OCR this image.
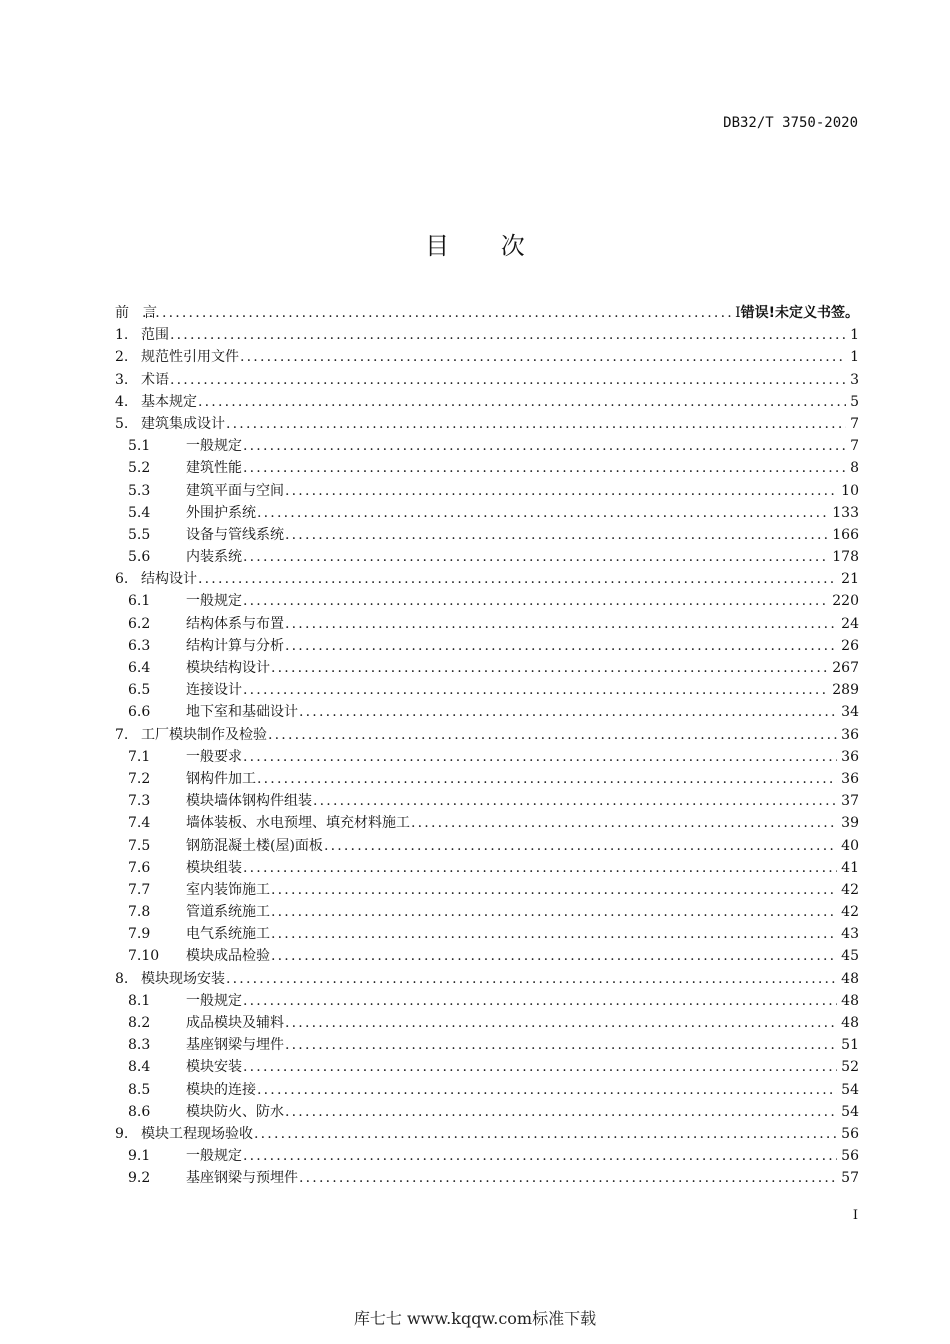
DB32/T 3750-2020
目 次
前　言 .....	I 错误!未定义书签。
1. 范围 .....	1
2. 规范性引用文件 .....	1
3. 术语 .....	3
4. 基本规定 .....	5
5. 建筑集成设计 .....	7
5.1	一般规定 .....	7
5.2	建筑性能 .....	8
5.3	建筑平面与空间 .....	10
5.4	外围护系统 .....	133
5.5	设备与管线系统 .....	166
5.6	内装系统 .....	178
6. 结构设计 .....	21
6.1	一般规定 .....	220
6.2	结构体系与布置 .....	24
6.3	结构计算与分析 .....	26
6.4	模块结构设计 .....	267
6.5	连接设计 .....	289
6.6	地下室和基础设计 .....	34
7. 工厂模块制作及检验 .....	36
7.1	一般要求 .....	36
7.2	钢构件加工 .....	36
7.3	模块墙体钢构件组装 .....	37
7.4	墙体装板、水电预埋、填充材料施工 .....	39
7.5	钢筋混凝土楼(屋)面板 .....	40
7.6	模块组装 .....	41
7.7	室内装饰施工 .....	42
7.8	管道系统施工 .....	42
7.9	电气系统施工 .....	43
7.10	模块成品检验 .....	45
8. 模块现场安装 .....	48
8.1	一般规定 .....	48
8.2	成品模块及辅料 .....	48
8.3	基座钢梁与埋件 .....	51
8.4	模块安装 .....	52
8.5	模块的连接 .....	54
8.6	模块防火、防水 .....	54
9. 模块工程现场验收 .....	56
9.1	一般规定 .....	56
9.2	基座钢梁与预埋件 .....	57
I
库七七 www.kqqw.com标准下载
